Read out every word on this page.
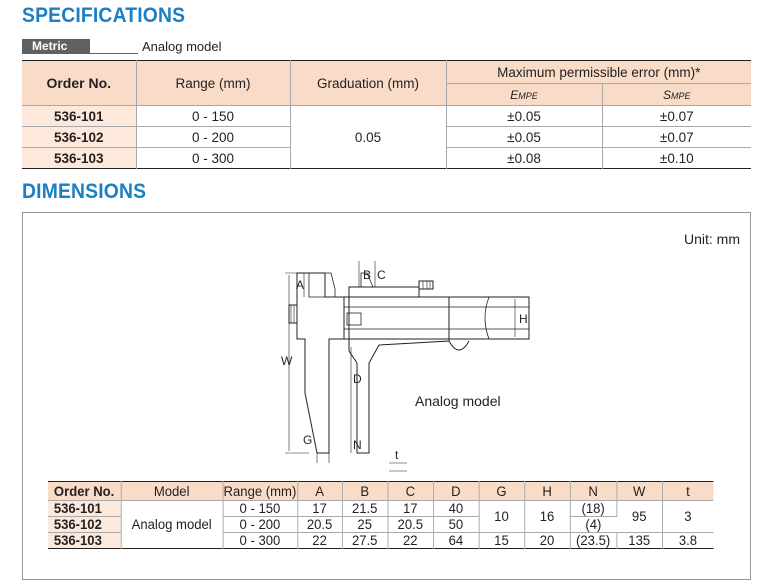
SPECIFICATIONS
Metric	Analog model
Order No.	Range (mm)	Graduation (mm)	Maximum permissible error (mm)*	
			EMPE	SMPE
536-101	0 - 150	0.05	±0.05	±0.07
536-102	0 - 200		±0.05	±0.07
536-103	0 - 300		±0.08	±0.10
DIMENSIONS
Unit: mm
W
A
B C
H
D
N
t
G
Analog model
Order No.	Model	Range (mm)	A	B	C	D	G	H	N	W	t
536-101	Analog model	0 - 150	17	21.5	17	40	10	16	(18)	95	3
536-102		0 - 200	20.5	25	20.5	50			(4)		
536-103		0 - 300	22	27.5	22	64	15	20	(23.5)	135	3.8
